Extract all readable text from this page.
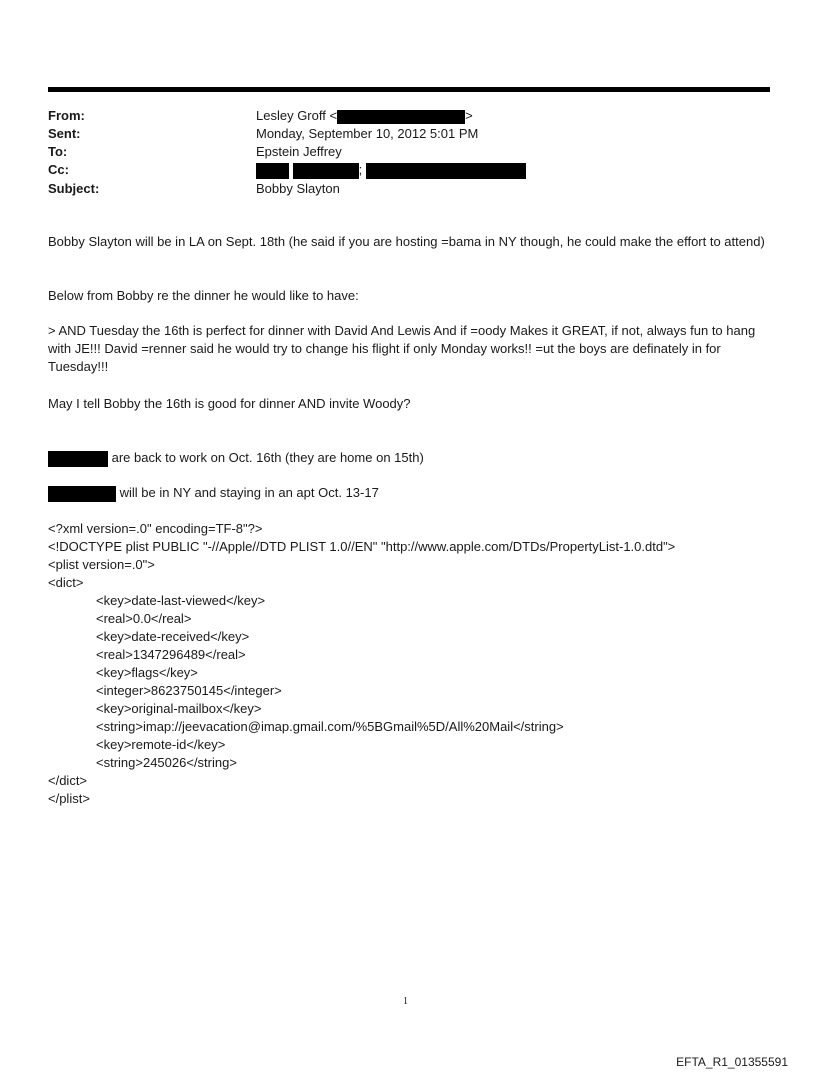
From:	Lesley Groff <	>
Sent:	Monday, September 10, 2012 5:01 PM
To:	Epstein Jeffrey
Cc:	;
Subject:	Bobby Slayton
Bobby Slayton will be in LA on Sept. 18th (he said if you are hosting =bama in NY though, he could make the effort to attend)
Below from Bobby re the dinner he would like to have:
> AND Tuesday the 16th is perfect for dinner with David And Lewis And if =oody Makes it GREAT, if not, always fun to hang with JE!!! David =renner said he would try to change his flight if only Monday works!! =ut the boys are definately in for Tuesday!!!
May I tell Bobby the 16th is good for dinner AND invite Woody?
are back to work on Oct. 16th (they are home on 15th)
will be in NY and staying in an apt Oct. 13-17
<?xml version=.0" encoding=TF-8"?>
<!DOCTYPE plist PUBLIC "-//Apple//DTD PLIST 1.0//EN" "http://www.apple.com/DTDs/PropertyList-1.0.dtd">
<plist version=.0">
<dict>
<key>date-last-viewed</key>
<real>0.0</real>
<key>date-received</key>
<real>1347296489</real>
<key>flags</key>
<integer>8623750145</integer>
<key>original-mailbox</key>
<string>imap://jeevacation@imap.gmail.com/%5BGmail%5D/All%20Mail</string>
<key>remote-id</key>
<string>245026</string>
</dict>
</plist>
1
EFTA_R1_01355591
